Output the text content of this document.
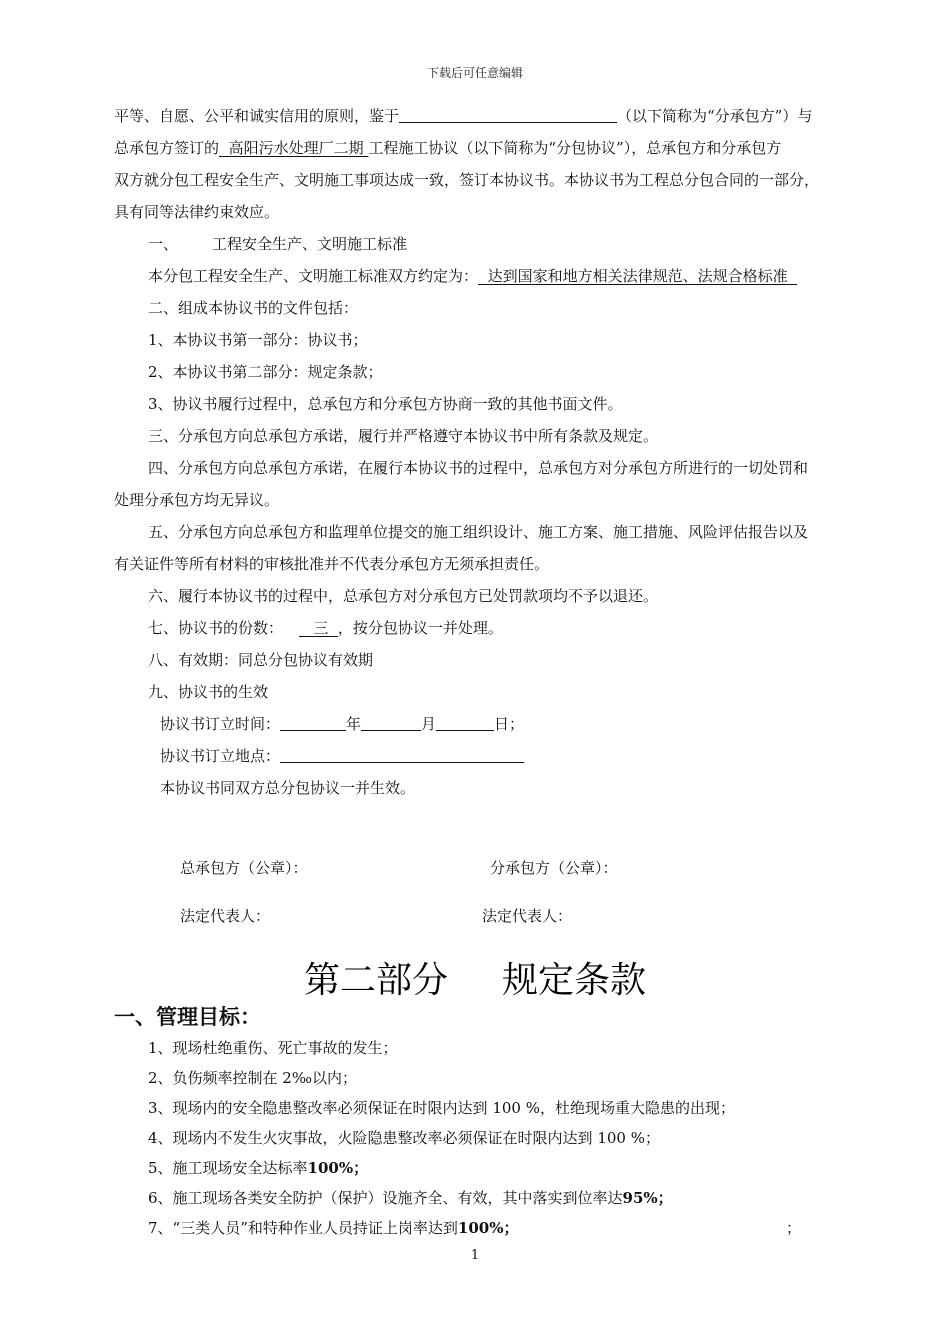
下载后可任意编辑
平等、自愿、公平和诚实信用的原则，鉴于	（以下简称为“分承包方”）与
总承包方签订的 高阳污水处理厂二期 工程施工协议（以下简称为“分包协议”），总承包方和分承包方
双方就分包工程安全生产、文明施工事项达成一致，签订本协议书。本协议书为工程总分包合同的一部分，
具有同等法律约束效应。
一、 工程安全生产、文明施工标准
本分包工程安全生产、文明施工标准双方约定为： 达到国家和地方相关法律规范、法规合格标准
二、组成本协议书的文件包括：
1、本协议书第一部分：协议书；
2、本协议书第二部分：规定条款；
3、协议书履行过程中，总承包方和分承包方协商一致的其他书面文件。
三、分承包方向总承包方承诺，履行并严格遵守本协议书中所有条款及规定。
四、分承包方向总承包方承诺，在履行本协议书的过程中，总承包方对分承包方所进行的一切处罚和
处理分承包方均无异议。
五、分承包方向总承包方和监理单位提交的施工组织设计、施工方案、施工措施、风险评估报告以及
有关证件等所有材料的审核批准并不代表分承包方无须承担责任。
六、履行本协议书的过程中，总承包方对分承包方已处罚款项均不予以退还。
七、协议书的份数： 三 ，按分包协议一并处理。
八、有效期：同总分包协议有效期
九、协议书的生效
协议书订立时间：	年	月	日；
协议书订立地点：
本协议书同双方总分包协议一并生效。
总承包方（公章）：	分承包方（公章）：
法定代表人：	法定代表人：
第二部分 规定条款
一、管理目标：
1、现场杜绝重伤、死亡事故的发生；
2、负伤频率控制在 2‰以内；
3、现场内的安全隐患整改率必须保证在时限内达到 100 %，杜绝现场重大隐患的出现；
4、现场内不发生火灾事故，火险隐患整改率必须保证在时限内达到 100 %；
5、施工现场安全达标率100%；
6、施工现场各类安全防护（保护）设施齐全、有效，其中落实到位率达95%；
7、“三类人员”和特种作业人员持证上岗率达到100%；	；
1
